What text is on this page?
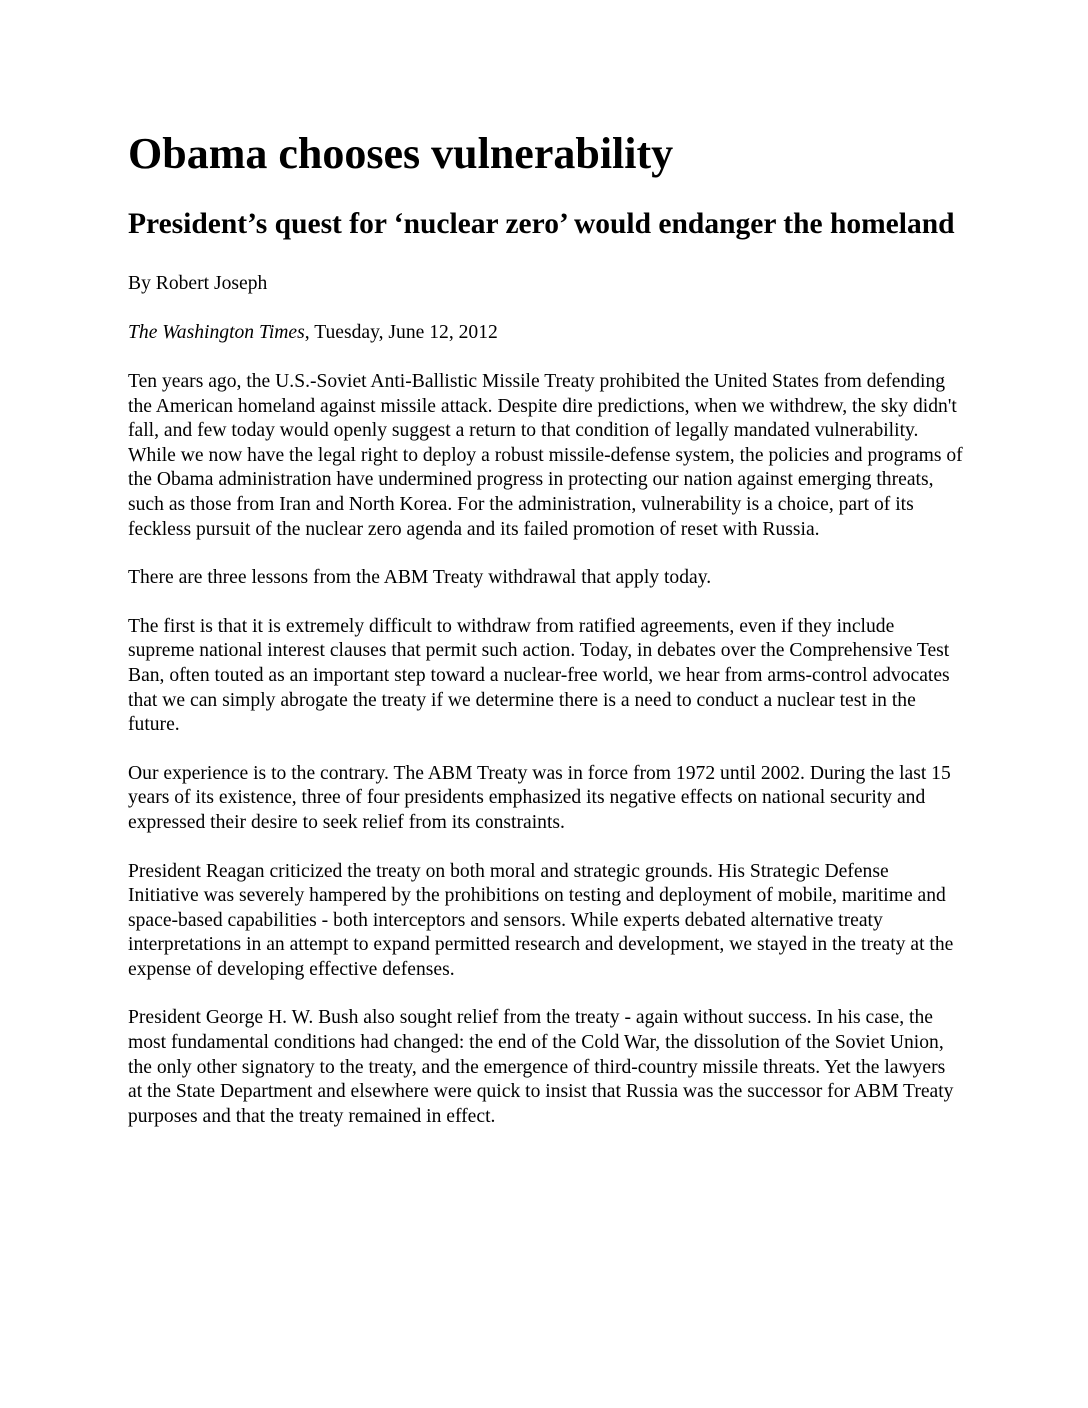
Obama chooses vulnerability
President’s quest for ‘nuclear zero’ would endanger the homeland

By Robert Joseph

The Washington Times, Tuesday, June 12, 2012

Ten years ago, the U.S.-Soviet Anti-Ballistic Missile Treaty prohibited the United States from defending the American homeland against missile attack. Despite dire predictions, when we withdrew, the sky didn't fall, and few today would openly suggest a return to that condition of legally mandated vulnerability. While we now have the legal right to deploy a robust missile-defense system, the policies and programs of the Obama administration have undermined progress in protecting our nation against emerging threats, such as those from Iran and North Korea. For the administration, vulnerability is a choice, part of its feckless pursuit of the nuclear zero agenda and its failed promotion of reset with Russia.

There are three lessons from the ABM Treaty withdrawal that apply today.

The first is that it is extremely difficult to withdraw from ratified agreements, even if they include supreme national interest clauses that permit such action. Today, in debates over the Comprehensive Test Ban, often touted as an important step toward a nuclear-free world, we hear from arms-control advocates that we can simply abrogate the treaty if we determine there is a need to conduct a nuclear test in the future.

Our experience is to the contrary. The ABM Treaty was in force from 1972 until 2002. During the last 15 years of its existence, three of four presidents emphasized its negative effects on national security and expressed their desire to seek relief from its constraints.

President Reagan criticized the treaty on both moral and strategic grounds. His Strategic Defense Initiative was severely hampered by the prohibitions on testing and deployment of mobile, maritime and space-based capabilities - both interceptors and sensors. While experts debated alternative treaty interpretations in an attempt to expand permitted research and development, we stayed in the treaty at the expense of developing effective defenses.

President George H. W. Bush also sought relief from the treaty - again without success. In his case, the most fundamental conditions had changed: the end of the Cold War, the dissolution of the Soviet Union, the only other signatory to the treaty, and the emergence of third-country missile threats. Yet the lawyers at the State Department and elsewhere were quick to insist that Russia was the successor for ABM Treaty purposes and that the treaty remained in effect.
